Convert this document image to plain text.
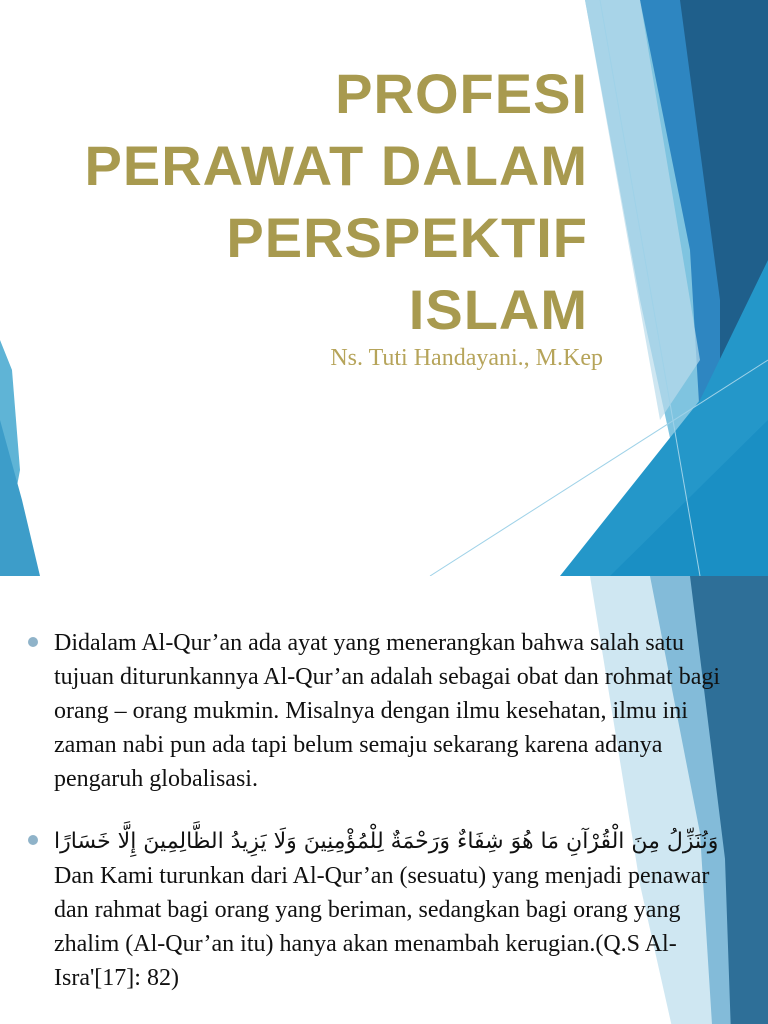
PROFESI
PERAWAT DALAM
PERSPEKTIF
ISLAM
Ns. Tuti Handayani., M.Kep

Didalam Al-Qur’an ada ayat yang menerangkan bahwa salah satu tujuan diturunkannya Al-Qur’an adalah sebagai obat dan rohmat bagi orang – orang mukmin. Misalnya dengan ilmu kesehatan, ilmu ini zaman nabi pun ada tapi belum semaju sekarang karena adanya pengaruh globalisasi.

وَنُنَزِّلُ مِنَ الْقُرْآنِ مَا هُوَ شِفَاءٌ وَرَحْمَةٌ لِلْمُؤْمِنِينَ وَلَا يَزِيدُ الظَّالِمِينَ إِلَّا خَسَارًا Dan Kami turunkan dari Al-Qur’an (sesuatu) yang menjadi penawar dan rahmat bagi orang yang beriman, sedangkan bagi orang yang zhalim (Al-Qur’an itu) hanya akan menambah kerugian.(Q.S Al-Isra'[17]: 82)
